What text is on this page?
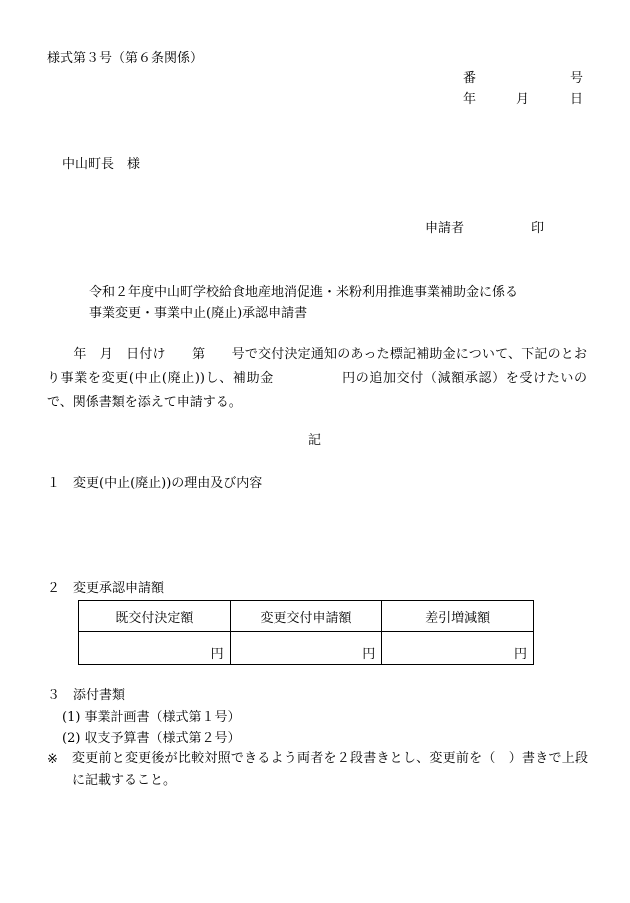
様式第３号（第６条関係）
番	号
年	月	日
中山町長　様
申請者	印
令和２年度中山町学校給食地産地消促進・米粉利用推進事業補助金に係る
事業変更・事業中止(廃止)承認申請書
　　年　月　日付け　　第　　号で交付決定通知のあった標記補助金について、下記のとおり事業を変更(中止(廃止))し、補助金　　　　　円の追加交付（減額承認）を受けたいので、関係書類を添えて申請する。
記
１　変更(中止(廃止))の理由及び内容
２　変更承認申請額
既交付決定額	変更交付申請額	差引増減額
円	円	円
３　添付書類
(1) 事業計画書（様式第１号）
(2) 収支予算書（様式第２号）
※ 変更前と変更後が比較対照できるよう両者を２段書きとし、変更前を（　）書きで上段に記載すること。
